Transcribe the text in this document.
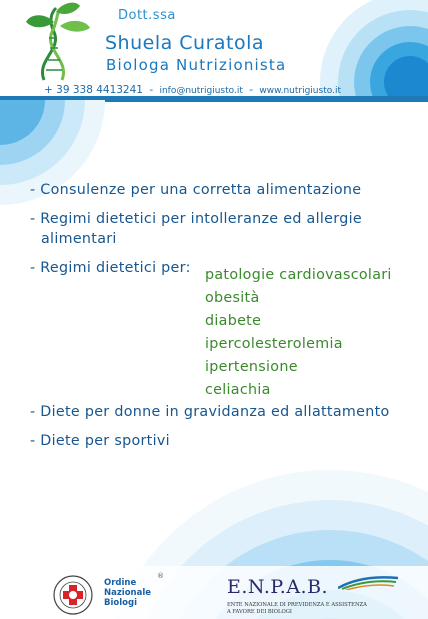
Dott.ssa
Shuela Curatola
Biologa Nutrizionista
+ 39 338 4413241 - info@nutrigiusto.it - www.nutrigiusto.it
- Consulenze per una corretta alimentazione
- Regimi dietetici per intolleranze ed allergie
alimentari
- Regimi dietetici per:
- Diete per donne in gravidanza ed allattamento
- Diete per sportivi
patologie cardiovascolari
obesità
diabete
ipercolesterolemia
ipertensione
celiachia
Ordine
Nazionale
Biologi
®	E.N.P.A.B.
ENTE NAZIONALE DI PREVIDENZA E ASSISTENZA
A FAVORE DEI BIOLOGI
